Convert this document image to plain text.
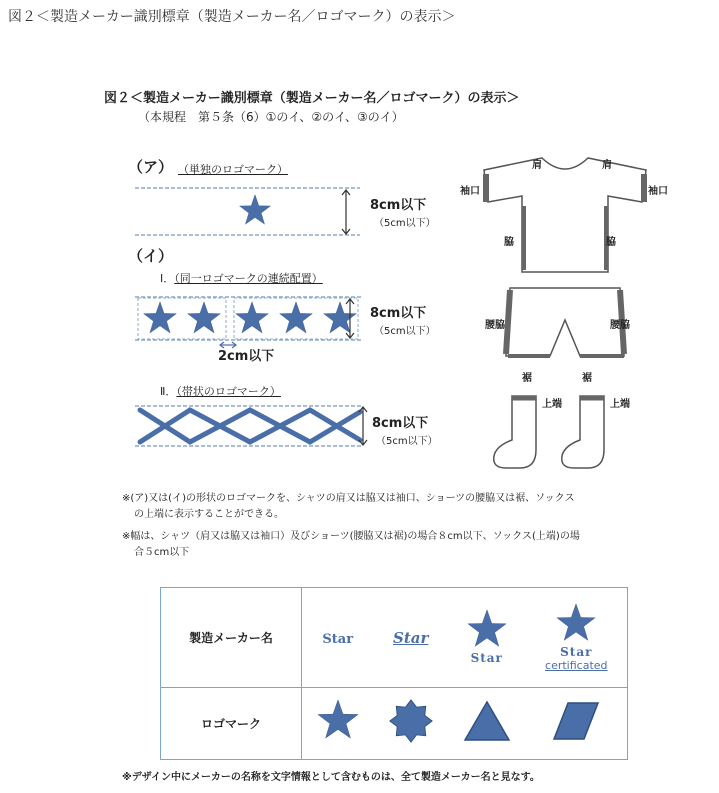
図２＜製造メーカー識別標章（製造メーカー名／ロゴマーク）の表示＞
図２＜製造メーカー識別標章（製造メーカー名／ロゴマーク）の表示＞
（本規程　第５条（6）①のイ、②のイ、③のイ）
（ア） （単独のロゴマーク）
8cm以下
（5cm以下）
（イ）
Ⅰ．（同一ロゴマークの連続配置）
8cm以下
（5cm以下）
2cm以下
Ⅱ．（帯状のロゴマーク）
8cm以下
（5cm以下）
肩	肩
袖口	袖口
脇	脇
腰脇	腰脇
裾	裾
上端	上端
※(ア)又は(イ)の形状のロゴマークを、シャツの肩又は脇又は袖口、ショーツの腰脇又は裾、ソックス
の上端に表示することができる。
※幅は、シャツ（肩又は脇又は袖口）及びショーツ(腰脇又は裾)の場合８cm以下、ソックス(上端)の場
合５cm以下
製造メーカー名	Star	Star	Star	Star
certificated

ロゴマーク				
※デザイン中にメーカーの名称を文字情報として含むものは、全て製造メーカー名と見なす。
